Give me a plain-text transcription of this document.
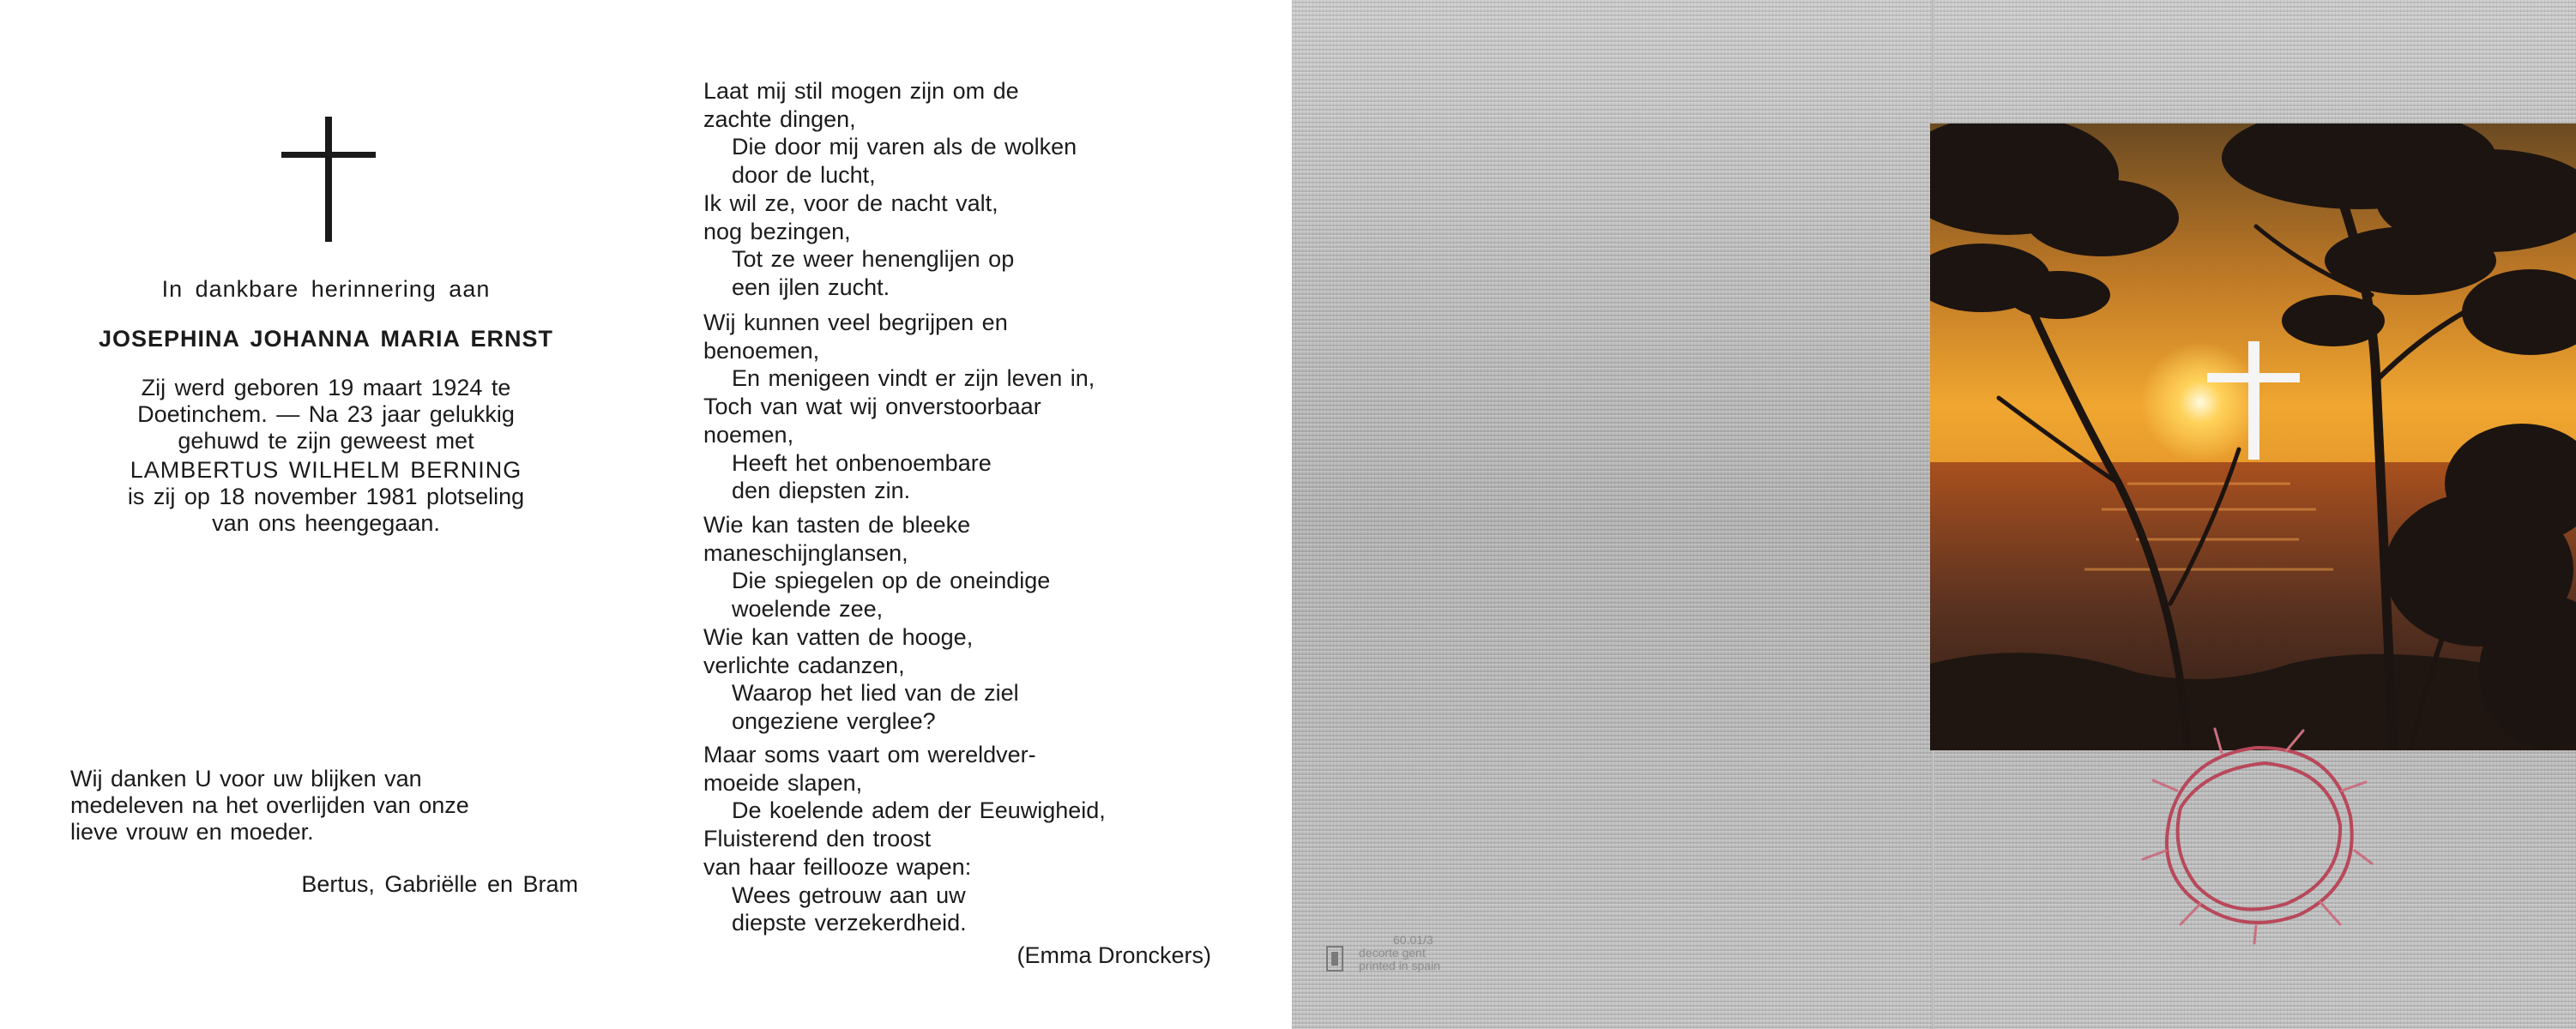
In dankbare herinnering aan

JOSEPHINA JOHANNA MARIA ERNST

Zij werd geboren 19 maart 1924 te
Doetinchem. — Na 23 jaar gelukkig
gehuwd te zijn geweest met
LAMBERTUS WILHELM BERNING
is zij op 18 november 1981 plotseling
van ons heengegaan.
Wij danken U voor uw blijken van
medeleven na het overlijden van onze
lieve vrouw en moeder.

Bertus, Gabriëlle en Bram

Laat mij stil mogen zijn om de
zachte dingen,
Die door mij varen als de wolken
door de lucht,
Ik wil ze, voor de nacht valt,
nog bezingen,
Tot ze weer henenglijen op
een ijlen zucht.
Wij kunnen veel begrijpen en
benoemen,
En menigeen vindt er zijn leven in,
Toch van wat wij onverstoorbaar
noemen,
Heeft het onbenoembare
den diepsten zin.
Wie kan tasten de bleeke
maneschijnglansen,
Die spiegelen op de oneindige
woelende zee,
Wie kan vatten de hooge,
verlichte cadanzen,
Waarop het lied van de ziel
ongeziene verglee?
Maar soms vaart om wereldver-
moeide slapen,
De koelende adem der Eeuwigheid,
Fluisterend den troost
van haar feillooze wapen:
Wees getrouw aan uw
diepste verzekerdheid.

(Emma Dronckers)

60.01/3
decorte gent
printed in spain
